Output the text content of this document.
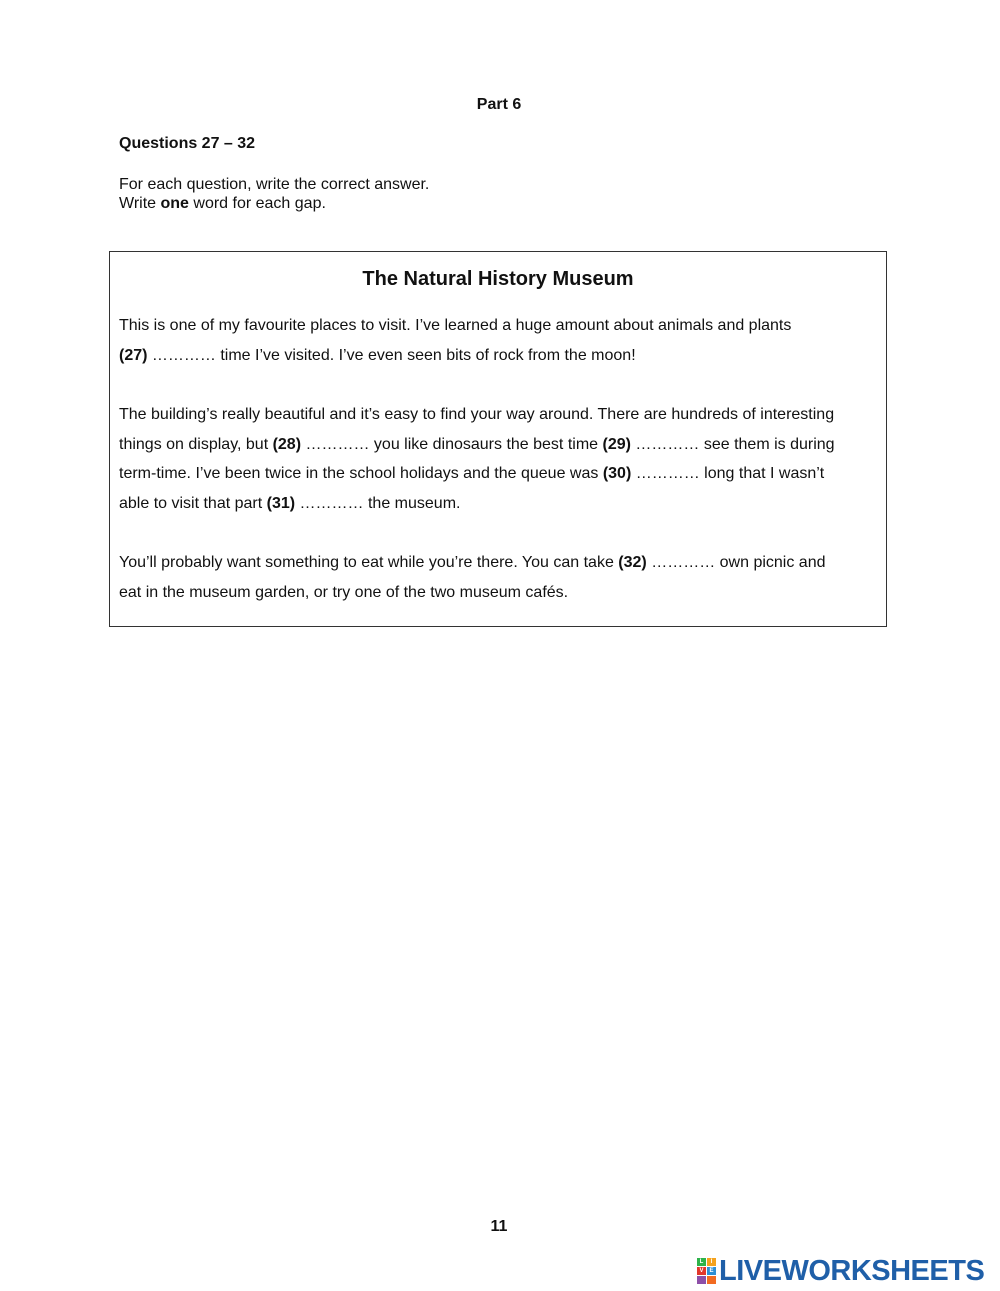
Part 6
Questions 27 – 32
For each question, write the correct answer.
Write one word for each gap.
The Natural History Museum
This is one of my favourite places to visit. I’ve learned a huge amount about animals and plants
(27) ………… time I’ve visited. I’ve even seen bits of rock from the moon!
The building’s really beautiful and it’s easy to find your way around. There are hundreds of interesting
things on display, but (28) ………… you like dinosaurs the best time (29) ………… see them is during
term-time. I’ve been twice in the school holidays and the queue was (30) ………… long that I wasn’t
able to visit that part (31) ………… the museum.
You’ll probably want something to eat while you’re there. You can take (32) ………… own picnic and
eat in the museum garden, or try one of the two museum cafés.
11
L	I
V E LIVEWORKSHEETS
